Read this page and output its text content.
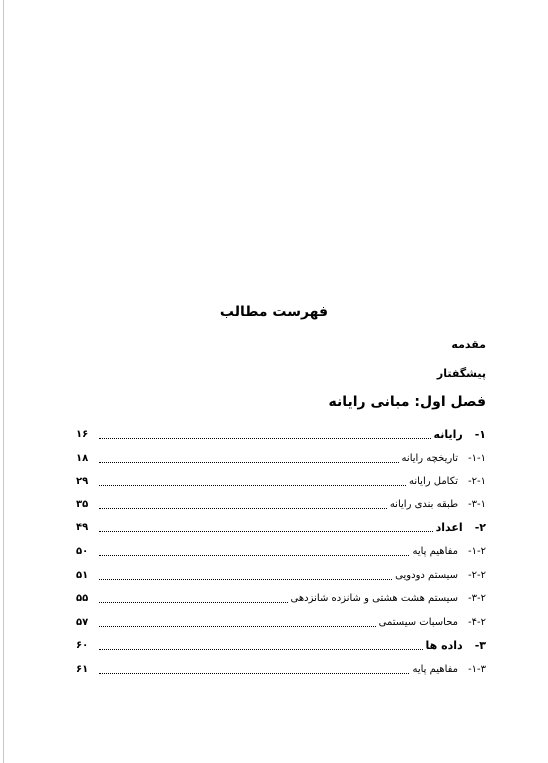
فهرست مطالب
مقدمه
پیشگفتار
فصل اول: مبانی رایانه
۱-رایانه
۱۶
۱-۱-تاریخچه رایانه
۱۸
۲-۱-تکامل رایانه
۲۹
۳-۱-طبقه بندی رایانه
۳۵
۲-اعداد
۴۹
۱-۲-مفاهیم پایه
۵۰
۲-۲-سیستم دودویی
۵۱
۳-۲-سیستم هشت هشتی و شانزده شانزدهی
۵۵
۴-۲-محاسبات سیستمی
۵۷
۳-داده ها
۶۰
۱-۳-مفاهیم پایه
۶۱
